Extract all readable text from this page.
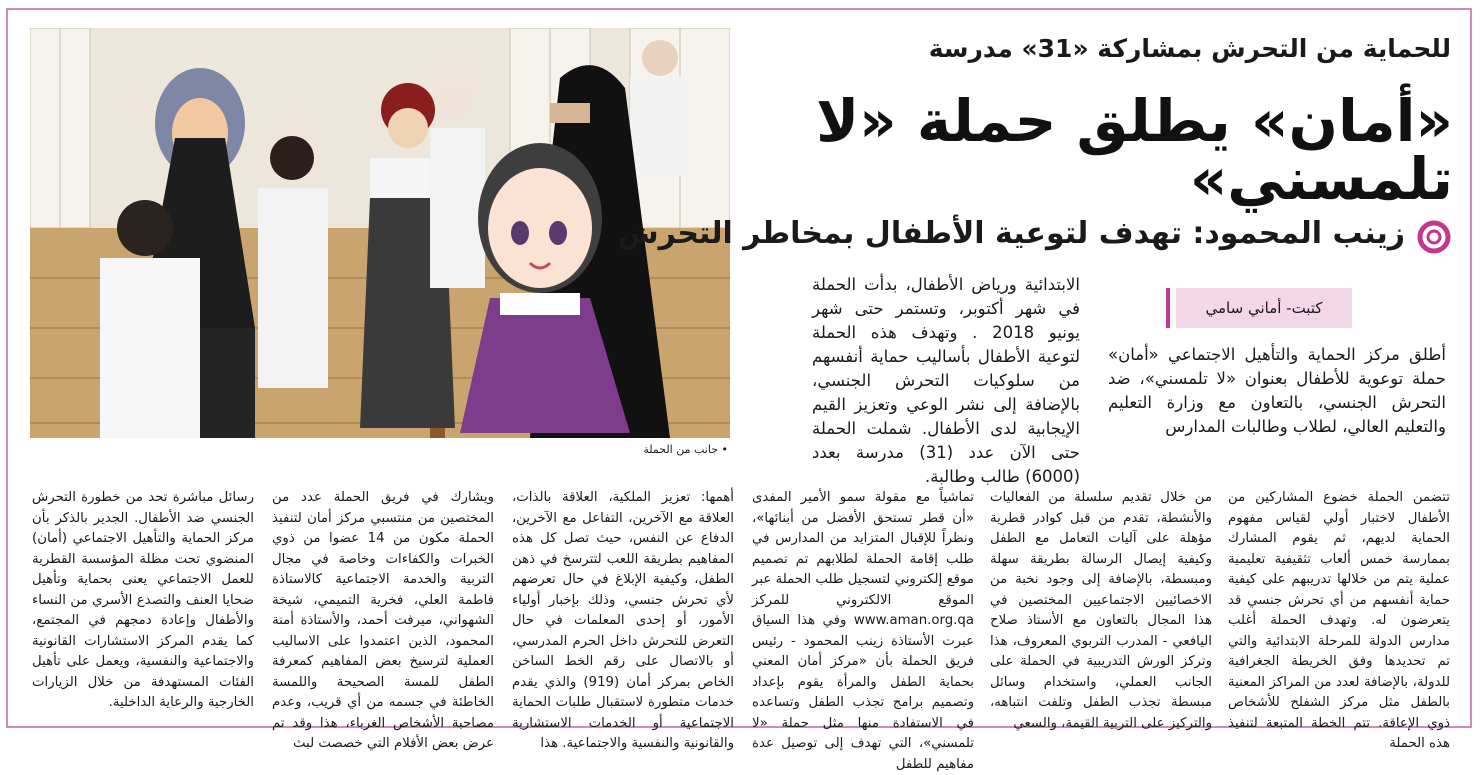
• جانب من الحملة
للحماية من التحرش بمشاركة «31» مدرسة
«أمان» يطلق حملة «لا تلمسني»
زينب المحمود: تهدف لتوعية الأطفال بمخاطر التحرش
كتبت- أماني سامي

أطلق مركز الحماية والتأهيل الاجتماعي «أمان» حملة توعوية للأطفال بعنوان «لا تلمسني»، ضد التحرش الجنسي، بالتعاون مع وزارة التعليم والتعليم العالي، لطلاب وطالبات المدارس

الابتدائية ورياض الأطفال، بدأت الحملة في شهر أكتوبر، وتستمر حتى شهر يونيو 2018 . وتهدف هذه الحملة لتوعية الأطفال بأساليب حماية أنفسهم من سلوكيات التحرش الجنسي، بالإضافة إلى نشر الوعي وتعزيز القيم الإيجابية لدى الأطفال. شملت الحملة حتى الآن عدد (31) مدرسة بعدد (6000) طالب وطالبة.

تتضمن الحملة خضوع المشاركين من الأطفال لاختبار أولي لقياس مفهوم الحماية لديهم، ثم يقوم المشارك بممارسة خمس ألعاب تثقيفية تعليمية عملية يتم من خلالها تدريبهم على كيفية حماية أنفسهم من أي تحرش جنسي قد يتعرضون له. وتهدف الحملة أغلب مدارس الدولة للمرحلة الابتدائية والتي تم تحديدها وفق الخريطة الجغرافية للدولة، بالإضافة لعدد من المراكز المعنية بالطفل مثل مركز الشفلح للأشخاص ذوي الإعاقة. تتم الخطة المتبعة لتنفيذ هذه الحملة

من خلال تقديم سلسلة من الفعاليات والأنشطة، تقدم من قبل كوادر قطرية مؤهلة على آليات التعامل مع الطفل وكيفية إيصال الرسالة بطريقة سهلة ومبسطة، بالإضافة إلى وجود نخبة من الاخصائيين الاجتماعيين المختصين في هذا المجال بالتعاون مع الأستاذ صلاح اليافعي - المدرب التربوي المعروف، هذا وتركز الورش التدريبية في الحملة على الجانب العملي، واستخدام وسائل مبسطة تجذب الطفل وتلفت انتباهه، والتركيز على التربية القيمة، والسعي

تماشياً مع مقولة سمو الأمير المفدى «أن قطر تستحق الأفضل من أبنائها»، ونظراً للإقبال المتزايد من المدارس في طلب إقامة الحملة لطلابهم تم تصميم موقع إلكتروني لتسجيل طلب الحملة عبر الموقع الالكتروني للمركز www.aman.org.qa وفي هذا السياق عبرت الأستاذة زينب المحمود - رئيس فريق الحملة بأن «مركز أمان المعني بحماية الطفل والمرأة يقوم بإعداد وتصميم برامج تجذب الطفل وتساعده في الاستفادة منها مثل حملة «لا تلمسني»، التي تهدف إلى توصيل عدة مفاهيم للطفل

أهمها: تعزيز الملكية، العلاقة بالذات، العلاقة مع الآخرين، التفاعل مع الآخرين، الدفاع عن النفس، حيث تصل كل هذه المفاهيم بطريقة اللعب لتترسخ في ذهن الطفل، وكيفية الإبلاغ في حال تعرضهم لأي تحرش جنسي، وذلك بإخبار أولياء الأمور، أو إحدى المعلمات في حال التعرض للتحرش داخل الحرم المدرسي، أو بالاتصال على رقم الخط الساخن الخاص بمركز أمان (919) والذي يقدم خدمات متطورة لاستقبال طلبات الحماية الاجتماعية أو الخدمات الاستشارية والقانونية والنفسية والاجتماعية. هذا

ويشارك في فريق الحملة عدد من المختصين من منتسبي مركز أمان لتنفيذ الحملة مكون من 14 عضوا من ذوي الخبرات والكفاءات وخاصة في مجال التربية والخدمة الاجتماعية كالاستاذة فاطمة العلي، فخرية التميمي، شيخة الشهواني، ميرفت أحمد، والأستاذة أمنة المحمود، الذين اعتمدوا على الاساليب العملية لترسيخ بعض المفاهيم كمعرفة الطفل للمسة الصحيحة واللمسة الخاطئة في جسمه من أي قريب، وعدم مصاحبة الأشخاص الغرباء، هذا وقد تم عرض بعض الأفلام التي خصصت لبث

رسائل مباشرة تحد من خطورة التحرش الجنسي ضد الأطفال. الجدير بالذكر بأن مركز الحماية والتأهيل الاجتماعي (أمان) المنضوي تحت مظلة المؤسسة القطرية للعمل الاجتماعي يعنى بحماية وتأهيل ضحايا العنف والتصدع الأسري من النساء والأطفال وإعادة دمجهم في المجتمع، كما يقدم المركز الاستشارات القانونية والاجتماعية والنفسية، ويعمل على تأهيل الفئات المستهدفة من خلال الزيارات الخارجية والرعاية الداخلية.
